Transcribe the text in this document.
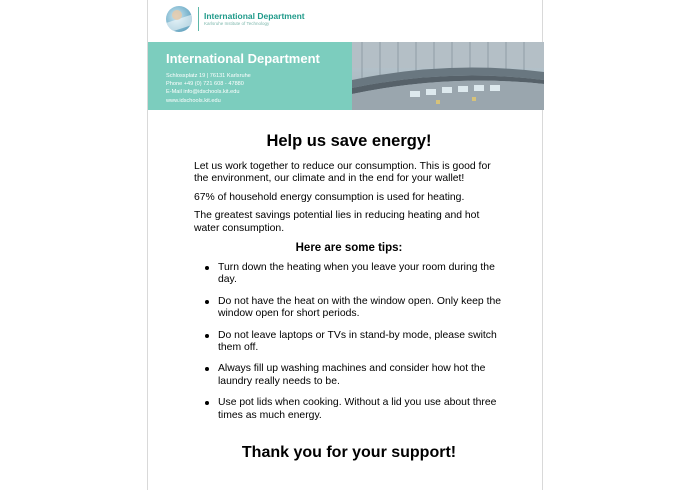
International Department
Karlsruhe Institute of Technology
International Department
Schlossplatz 19 | 76131 Karlsruhe
Phone +49 (0) 721 608 - 47880
E-Mail info@idschools.kit.edu
www.idschools.kit.edu
Help us save energy!

Let us work together to reduce our consumption. This is good for the environment, our climate and in the end for your wallet!

67% of household energy consumption is used for heating.

The greatest savings potential lies in reducing heating and hot water consumption.

Here are some tips:
Turn down the heating when you leave your room during the day.
Do not have the heat on with the window open. Only keep the window open for short periods.
Do not leave laptops or TVs in stand-by mode, please switch them off.
Always fill up washing machines and consider how hot the laundry really needs to be.
Use pot lids when cooking. Without a lid you use about three times as much energy.
Thank you for your support!
